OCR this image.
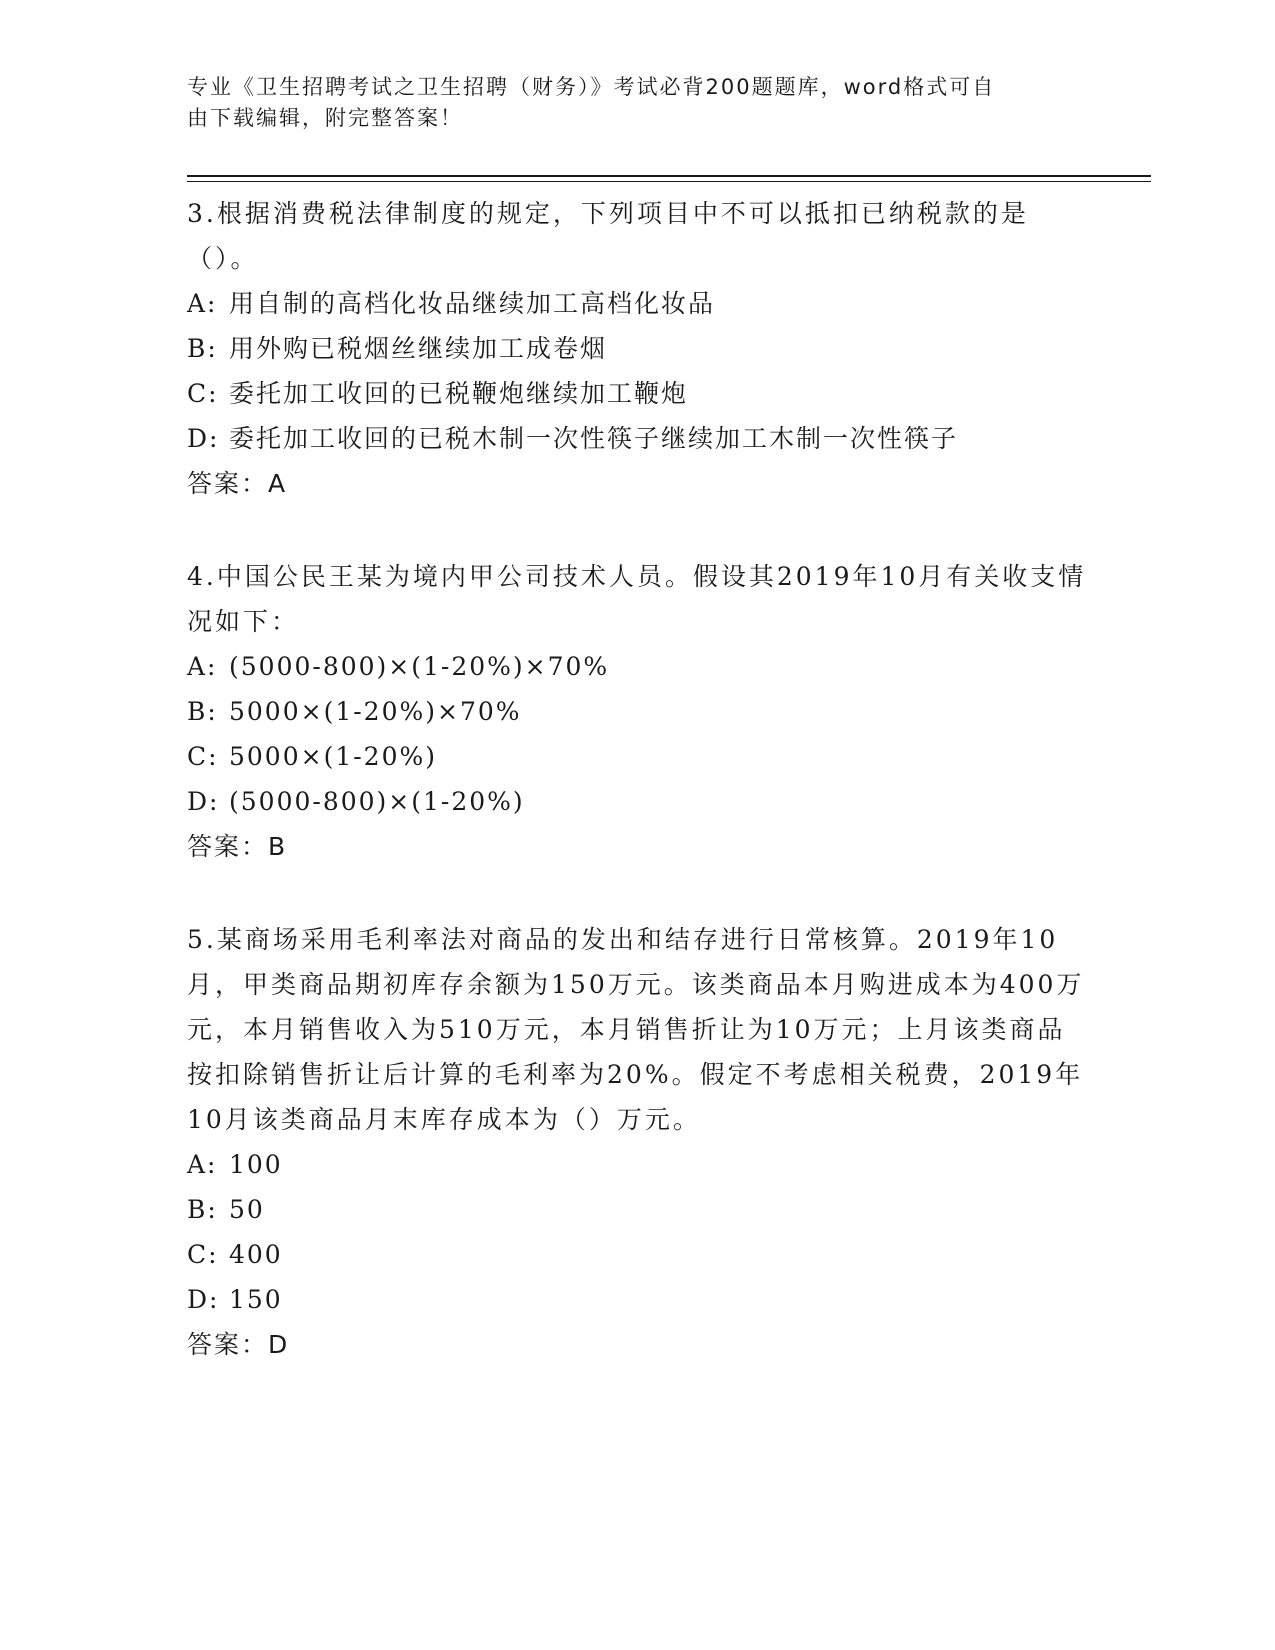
专业《卫生招聘考试之卫生招聘（财务）》考试必背200题题库，word格式可自
由下载编辑，附完整答案！

3.根据消费税法律制度的规定，下列项目中不可以抵扣已纳税款的是（）。

A: 用自制的高档化妆品继续加工高档化妆品

B: 用外购已税烟丝继续加工成卷烟

C: 委托加工收回的已税鞭炮继续加工鞭炮

D: 委托加工收回的已税木制一次性筷子继续加工木制一次性筷子

答案：A

4.中国公民王某为境内甲公司技术人员。假设其2019年10月有关收支情况如下：

A: (5000-800)×(1-20%)×70%

B: 5000×(1-20%)×70%

C: 5000×(1-20%)

D: (5000-800)×(1-20%)

答案：B

5.某商场采用毛利率法对商品的发出和结存进行日常核算。2019年10月，甲类商品期初库存余额为150万元。该类商品本月购进成本为400万元，本月销售收入为510万元，本月销售折让为10万元；上月该类商品按扣除销售折让后计算的毛利率为20%。假定不考虑相关税费，2019年10月该类商品月末库存成本为（）万元。

A: 100

B: 50

C: 400

D: 150

答案：D
